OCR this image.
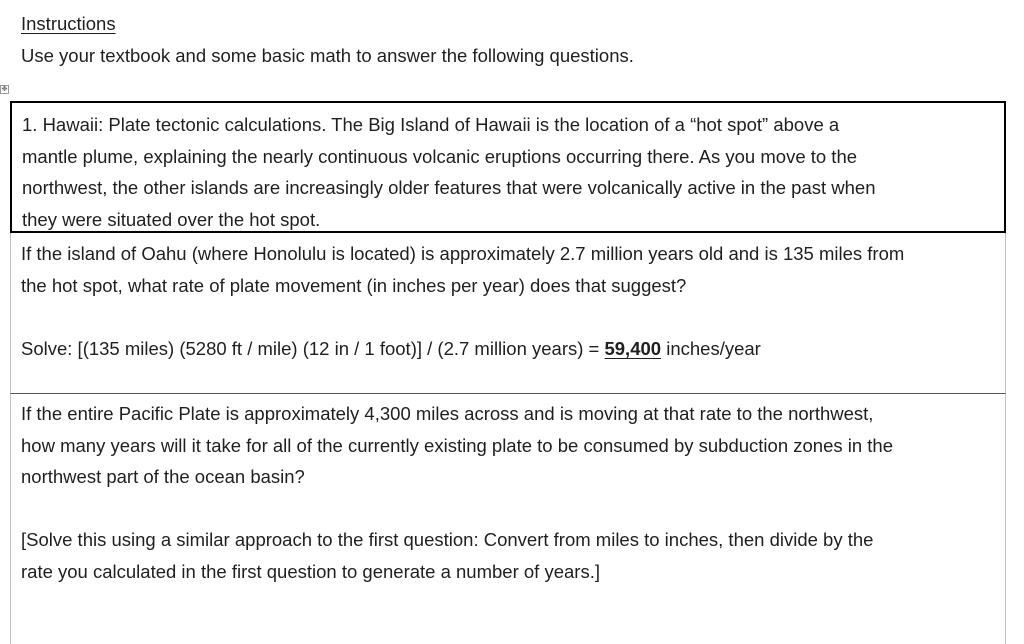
Instructions
Use your textbook and some basic math to answer the following questions.
✥
1. Hawaii: Plate tectonic calculations. The Big Island of Hawaii is the location of a “hot spot” above a
mantle plume, explaining the nearly continuous volcanic eruptions occurring there. As you move to the
northwest, the other islands are increasingly older features that were volcanically active in the past when
they were situated over the hot spot.
If the island of Oahu (where Honolulu is located) is approximately 2.7 million years old and is 135 miles from
the hot spot, what rate of plate movement (in inches per year) does that suggest?
Solve: [(135 miles) (5280 ft / mile) (12 in / 1 foot)] / (2.7 million years) = 59,400 inches/year
If the entire Pacific Plate is approximately 4,300 miles across and is moving at that rate to the northwest,
how many years will it take for all of the currently existing plate to be consumed by subduction zones in the
northwest part of the ocean basin?
[Solve this using a similar approach to the first question: Convert from miles to inches, then divide by the
rate you calculated in the first question to generate a number of years.]
